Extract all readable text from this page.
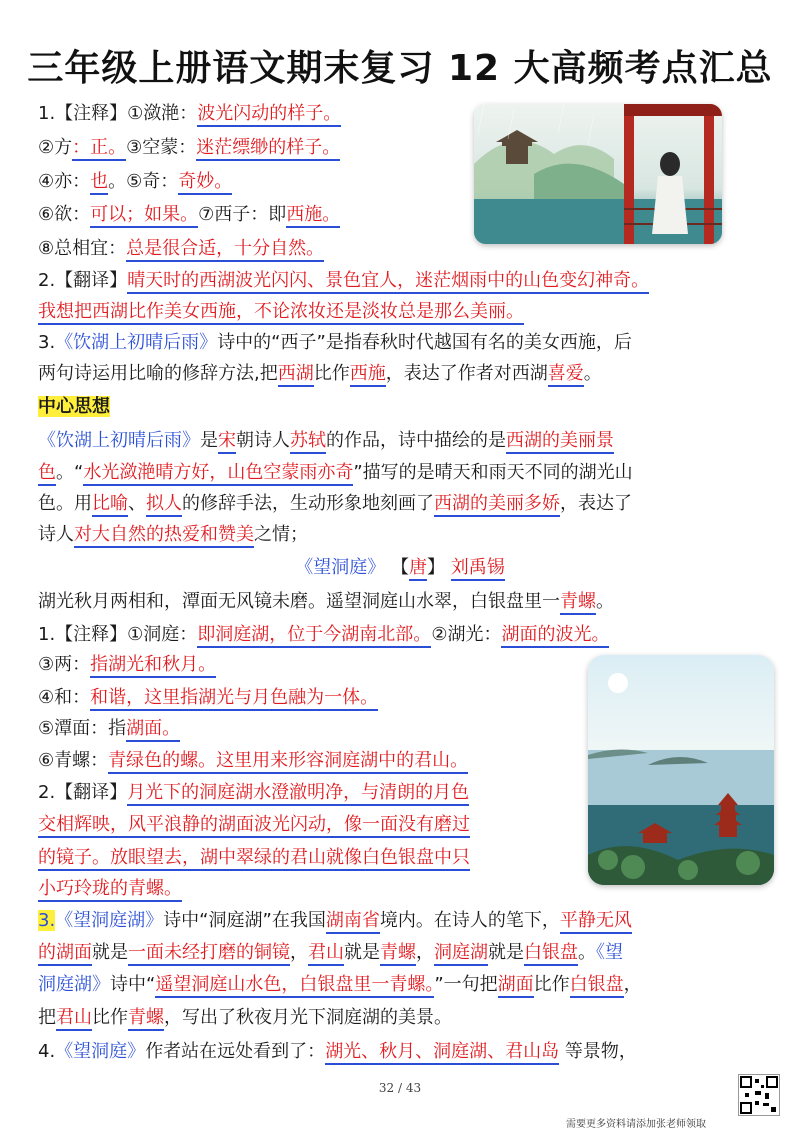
三年级上册语文期末复习 12 大高频考点汇总
1.【注释】①潋滟：波光闪动的样子。
②方：正。③空蒙：迷茫缥缈的样子。
④亦：也。⑤奇：奇妙。
⑥欲：可以；如果。⑦西子：即西施。
⑧总相宜：总是很合适，十分自然。
2.【翻译】晴天时的西湖波光闪闪、景色宜人，迷茫烟雨中的山色变幻神奇。
我想把西湖比作美女西施，不论浓妆还是淡妆总是那么美丽。
3.《饮湖上初晴后雨》诗中的“西子”是指春秋时代越国有名的美女西施，后
两句诗运用比喻的修辞方法,把西湖比作西施，表达了作者对西湖喜爱。
中心思想
《饮湖上初晴后雨》是宋朝诗人苏轼的作品，诗中描绘的是西湖的美丽景
色。“水光潋滟晴方好，山色空蒙雨亦奇”描写的是晴天和雨天不同的湖光山
色。用比喻、拟人的修辞手法，生动形象地刻画了西湖的美丽多娇，表达了
诗人对大自然的热爱和赞美之情；
《望洞庭》 【唐】 刘禹锡
湖光秋月两相和，潭面无风镜未磨。遥望洞庭山水翠，白银盘里一青螺。
1.【注释】①洞庭：即洞庭湖，位于今湖南北部。②湖光：湖面的波光。
③两：指湖光和秋月。
④和：和谐，这里指湖光与月色融为一体。
⑤潭面：指湖面。
⑥青螺：青绿色的螺。这里用来形容洞庭湖中的君山。
2.【翻译】月光下的洞庭湖水澄澈明净，与清朗的月色
交相辉映，风平浪静的湖面波光闪动，像一面没有磨过
的镜子。放眼望去，湖中翠绿的君山就像白色银盘中只
小巧玲珑的青螺。
3.《望洞庭湖》诗中“洞庭湖”在我国湖南省境内。在诗人的笔下，平静无风
的湖面就是一面未经打磨的铜镜，君山就是青螺，洞庭湖就是白银盘。《望
洞庭湖》诗中“遥望洞庭山水色，白银盘里一青螺。”一句把湖面比作白银盘，
把君山比作青螺，写出了秋夜月光下洞庭湖的美景。
4.《望洞庭》作者站在远处看到了：湖光、秋月、洞庭湖、君山岛 等景物，
32 / 43
需要更多资料请添加张老师领取
